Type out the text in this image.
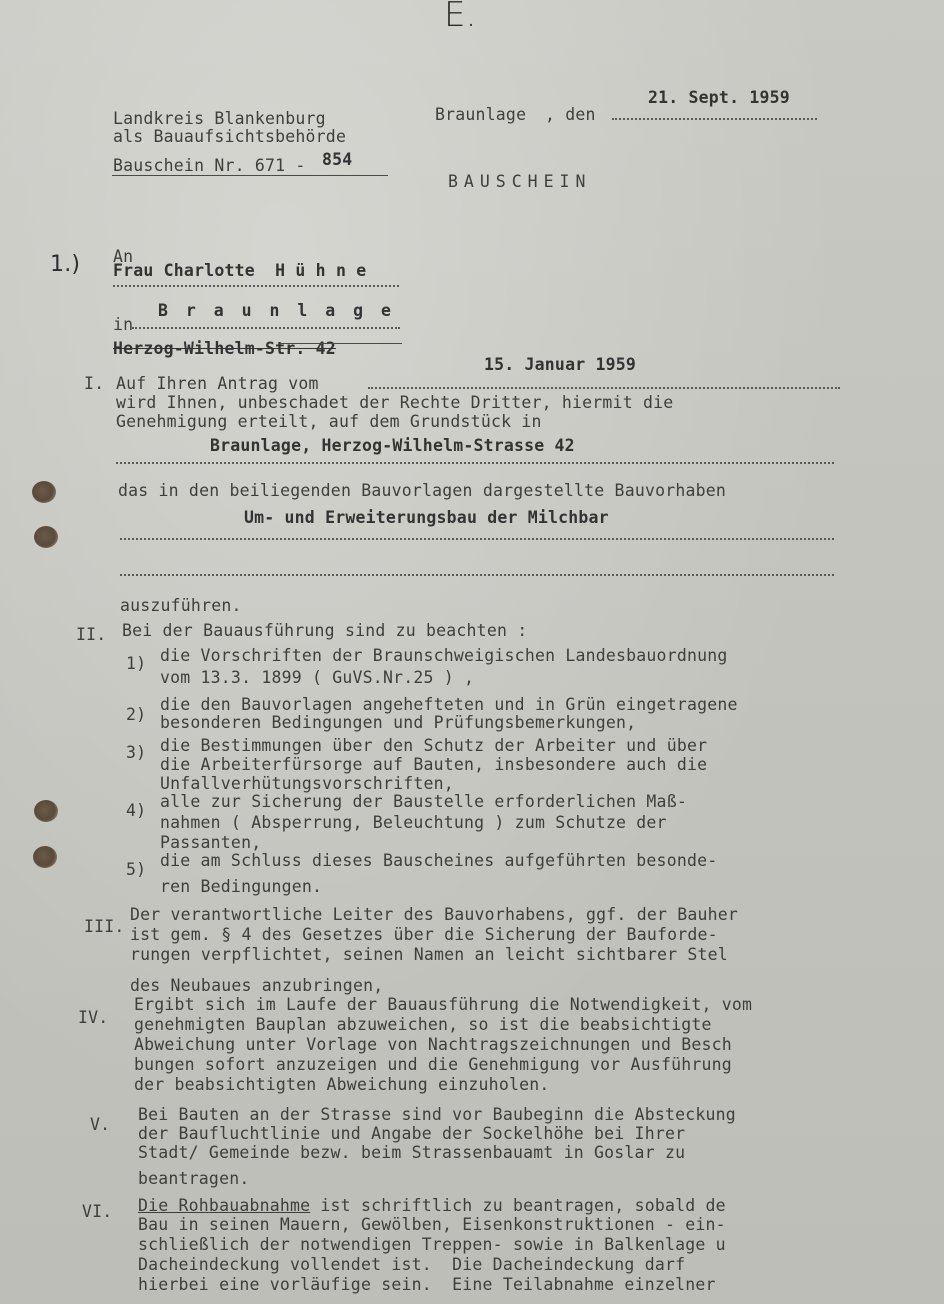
E.
1.)
Landkreis Blankenburg
als Bauaufsichtsbehörde
Bauschein Nr. 671 - 854
Braunlage , den
21. Sept. 1959
BAUSCHEIN
An
Frau Charlotte  H ü h n e
B r a u n l a g e
in
Herzog-Wilhelm-Str. 42
I.
15. Januar 1959
Auf Ihren Antrag vom
wird Ihnen, unbeschadet der Rechte Dritter, hiermit die
Genehmigung erteilt, auf dem Grundstück in
Braunlage, Herzog-Wilhelm-Strasse 42
das in den beiliegenden Bauvorlagen dargestellte Bauvorhaben
Um- und Erweiterungsbau der Milchbar
auszuführen.
II. Bei der Bauausführung sind zu beachten :
1) die Vorschriften der Braunschweigischen Landesbauordnung
vom 13.3. 1899 ( GuVS.Nr.25 ) ,
2)
die den Bauvorlagen angehefteten und in Grün eingetragene
besonderen Bedingungen und Prüfungsbemerkungen,
3) die Bestimmungen über den Schutz der Arbeiter und über
die Arbeiterfürsorge auf Bauten, insbesondere auch die
Unfallverhütungsvorschriften,
4) alle zur Sicherung der Baustelle erforderlichen Maß-
nahmen ( Absperrung, Beleuchtung ) zum Schutze der
Passanten,
5) die am Schluss dieses Bauscheines aufgeführten besonde-
ren Bedingungen.
III.
Der verantwortliche Leiter des Bauvorhabens, ggf. der Bauher
ist gem. § 4 des Gesetzes über die Sicherung der Bauforde-
rungen verpflichtet, seinen Namen an leicht sichtbarer Stel
des Neubaues anzubringen,
IV.
Ergibt sich im Laufe der Bauausführung die Notwendigkeit, vom
genehmigten Bauplan abzuweichen, so ist die beabsichtigte
Abweichung unter Vorlage von Nachtragszeichnungen und Besch
bungen sofort anzuzeigen und die Genehmigung vor Ausführung
der beabsichtigten Abweichung einzuholen.
V.
Bei Bauten an der Strasse sind vor Baubeginn die Absteckung
der Baufluchtlinie und Angabe der Sockelhöhe bei Ihrer
Stadt/ Gemeinde bezw. beim Strassenbauamt in Goslar zu
beantragen.
VI. Die Rohbauabnahme ist schriftlich zu beantragen, sobald de
Bau in seinen Mauern, Gewölben, Eisenkonstruktionen - ein-
schließlich der notwendigen Treppen- sowie in Balkenlage u
Dacheindeckung vollendet ist.  Die Dacheindeckung darf
hierbei eine vorläufige sein.  Eine Teilabnahme einzelner
